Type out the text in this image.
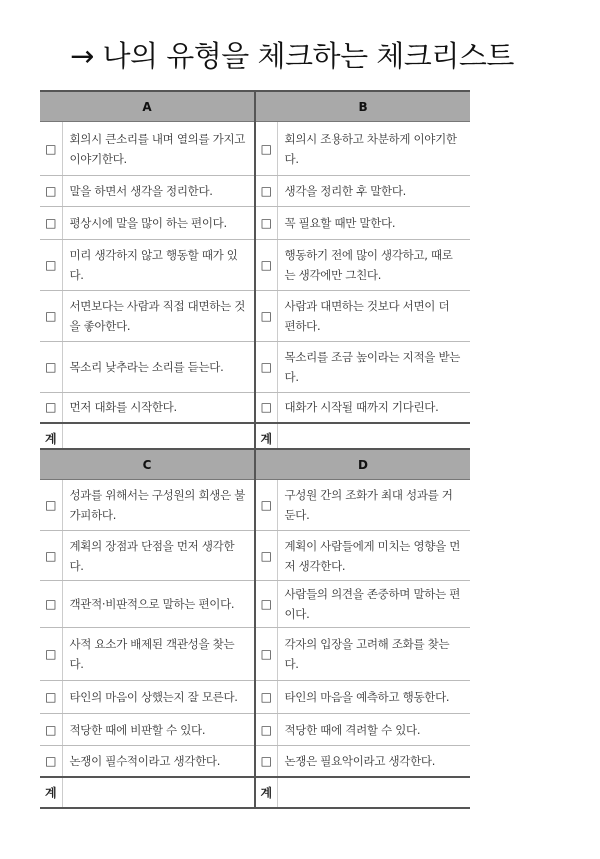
→ 나의 유형을 체크하는 체크리스트
A		B	
□	회의시 큰소리를 내며 열의를 가지고 이야기한다.	□	회의시 조용하고 차분하게 이야기한다.
□	말을 하면서 생각을 정리한다.	□	생각을 정리한 후 말한다.
□	평상시에 말을 많이 하는 편이다.	□	꼭 필요할 때만 말한다.
□	미리 생각하지 않고 행동할 때가 있다.	□	행동하기 전에 많이 생각하고, 때로는 생각에만 그친다.
□	서면보다는 사람과 직접 대면하는 것을 좋아한다.	□	사람과 대면하는 것보다 서면이 더 편하다.
□	목소리 낮추라는 소리를 듣는다.	□	목소리를 조금 높이라는 지적을 받는다.
□	먼저 대화를 시작한다.	□	대화가 시작될 때까지 기다린다.
계		계	
C		D	
□	성과를 위해서는 구성원의 희생은 불가피하다.	□	구성원 간의 조화가 최대 성과를 거둔다.
□	계획의 장점과 단점을 먼저 생각한다.	□	계획이 사람들에게 미치는 영향을 먼저 생각한다.
□	객관적·비판적으로 말하는 편이다.	□	사람들의 의견을 존중하며 말하는 편이다.
□	사적 요소가 배제된 객관성을 찾는다.	□	각자의 입장을 고려해 조화를 찾는다.
□	타인의 마음이 상했는지 잘 모른다.	□	타인의 마음을 예측하고 행동한다.
□	적당한 때에 비판할 수 있다.	□	적당한 때에 격려할 수 있다.
□	논쟁이 필수적이라고 생각한다.	□	논쟁은 필요악이라고 생각한다.
계		계	
